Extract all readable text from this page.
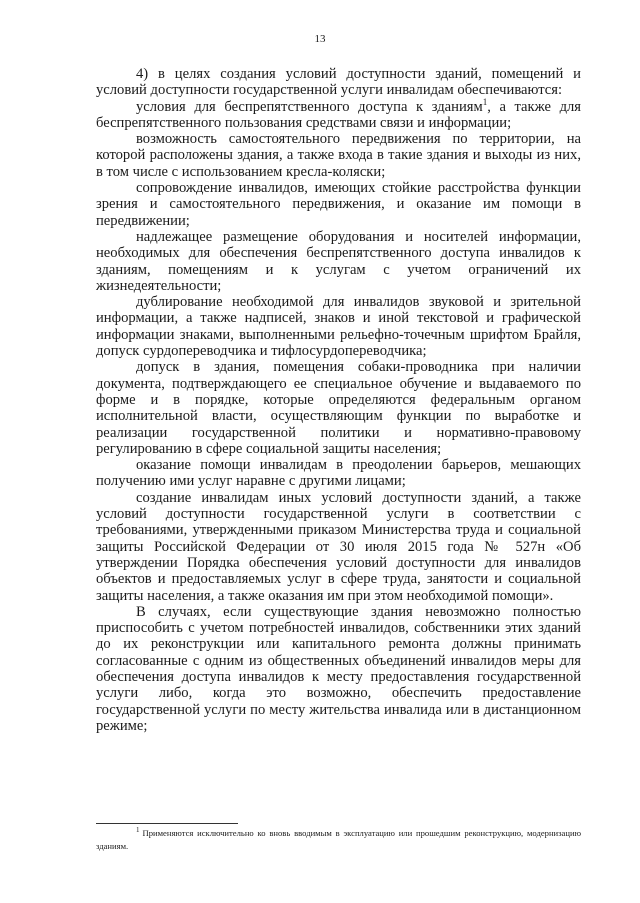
13

4) в целях создания условий доступности зданий, помещений и условий доступности государственной услуги инвалидам обеспечиваются:

условия для беспрепятственного доступа к зданиям$^1$, а также для беспрепятственного пользования средствами связи и информации;

возможность самостоятельного передвижения по территории, на которой расположены здания, а также входа в такие здания и выходы из них, в том числе с использованием кресла-коляски;

сопровождение инвалидов, имеющих стойкие расстройства функции зрения и самостоятельного передвижения, и оказание им помощи в передвижении;

надлежащее размещение оборудования и носителей информации, необходимых для обеспечения беспрепятственного доступа инвалидов к зданиям, помещениям и к услугам с учетом ограничений их жизнедеятельности;

дублирование необходимой для инвалидов звуковой и зрительной информации, а также надписей, знаков и иной текстовой и графической информации знаками, выполненными рельефно-точечным шрифтом Брайля, допуск сурдопереводчика и тифлосурдопереводчика;

допуск в здания, помещения собаки-проводника при наличии документа, подтверждающего ее специальное обучение и выдаваемого по форме и в порядке, которые определяются федеральным органом исполнительной власти, осуществляющим функции по выработке и реализации государственной политики и нормативно-правовому регулированию в сфере социальной защиты населения;

оказание помощи инвалидам в преодолении барьеров, мешающих получению ими услуг наравне с другими лицами;

создание инвалидам иных условий доступности зданий, а также условий доступности государственной услуги в соответствии с требованиями, утвержденными приказом Министерства труда и социальной защиты Российской Федерации от 30 июля 2015 года № 527н «Об утверждении Порядка обеспечения условий доступности для инвалидов объектов и предоставляемых услуг в сфере труда, занятости и социальной защиты населения, а также оказания им при этом необходимой помощи».

В случаях, если существующие здания невозможно полностью приспособить с учетом потребностей инвалидов, собственники этих зданий до их реконструкции или капитального ремонта должны принимать согласованные с одним из общественных объединений инвалидов меры для обеспечения доступа инвалидов к месту предоставления государственной услуги либо, когда это возможно, обеспечить предоставление государственной услуги по месту жительства инвалида или в дистанционном режиме;

$^1$ Применяются исключительно ко вновь вводимым в эксплуатацию или прошедшим реконструкцию, модернизацию зданиям.
